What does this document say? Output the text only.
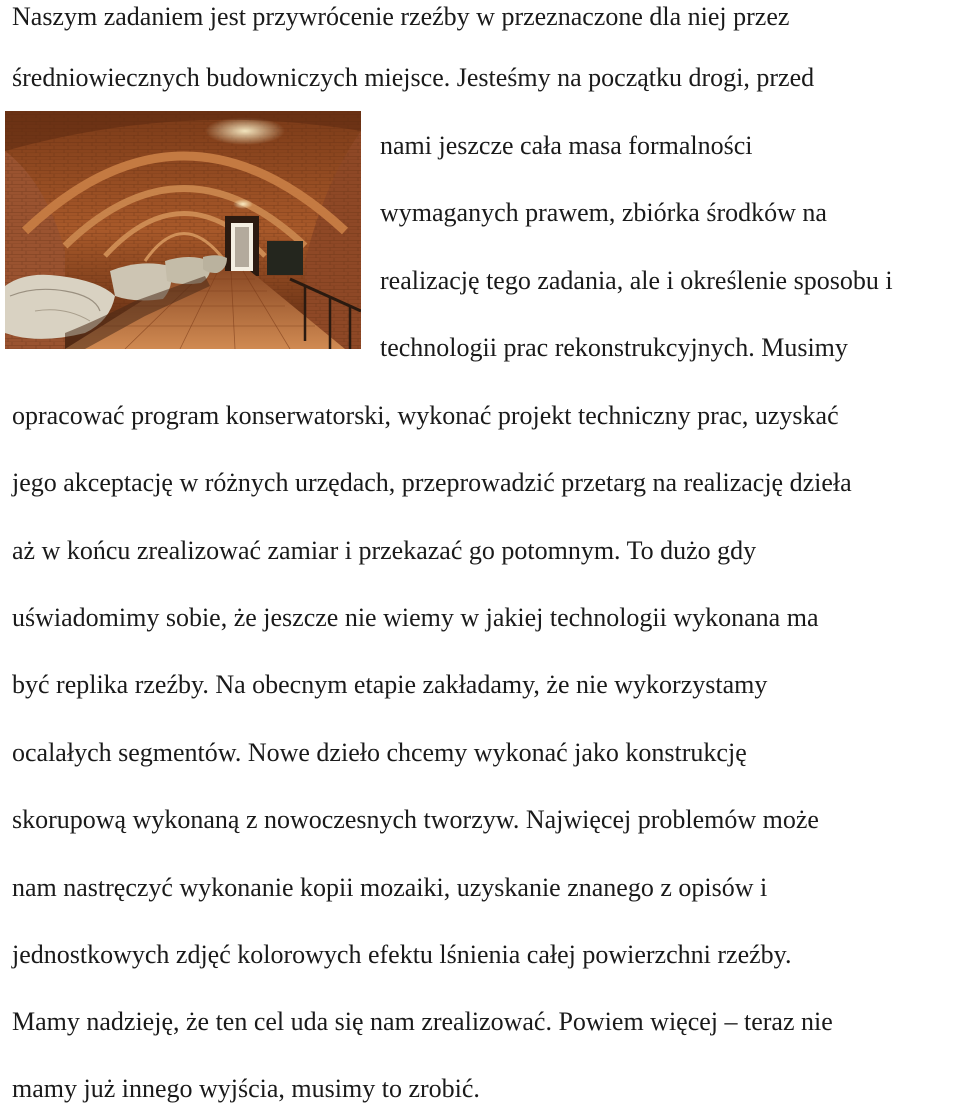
Naszym zadaniem jest przywrócenie rzeźby w przeznaczone dla niej przez
średniowiecznych budowniczych miejsce. Jesteśmy na początku drogi, przed
nami jeszcze cała masa formalności
wymaganych prawem, zbiórka środków na
realizację tego zadania, ale i określenie sposobu i
technologii prac rekonstrukcyjnych. Musimy
opracować program konserwatorski, wykonać projekt techniczny prac, uzyskać
jego akceptację w różnych urzędach, przeprowadzić przetarg na realizację dzieła
aż w końcu zrealizować zamiar i przekazać go potomnym. To dużo gdy
uświadomimy sobie, że jeszcze nie wiemy w jakiej technologii wykonana ma
być replika rzeźby. Na obecnym etapie zakładamy, że nie wykorzystamy
ocalałych segmentów. Nowe dzieło chcemy wykonać jako konstrukcję
skorupową wykonaną z nowoczesnych tworzyw. Najwięcej problemów może
nam nastręczyć wykonanie kopii mozaiki, uzyskanie znanego z opisów i
jednostkowych zdjęć kolorowych efektu lśnienia całej powierzchni rzeźby.
Mamy nadzieję, że ten cel uda się nam zrealizować. Powiem więcej – teraz nie
mamy już innego wyjścia, musimy to zrobić.
